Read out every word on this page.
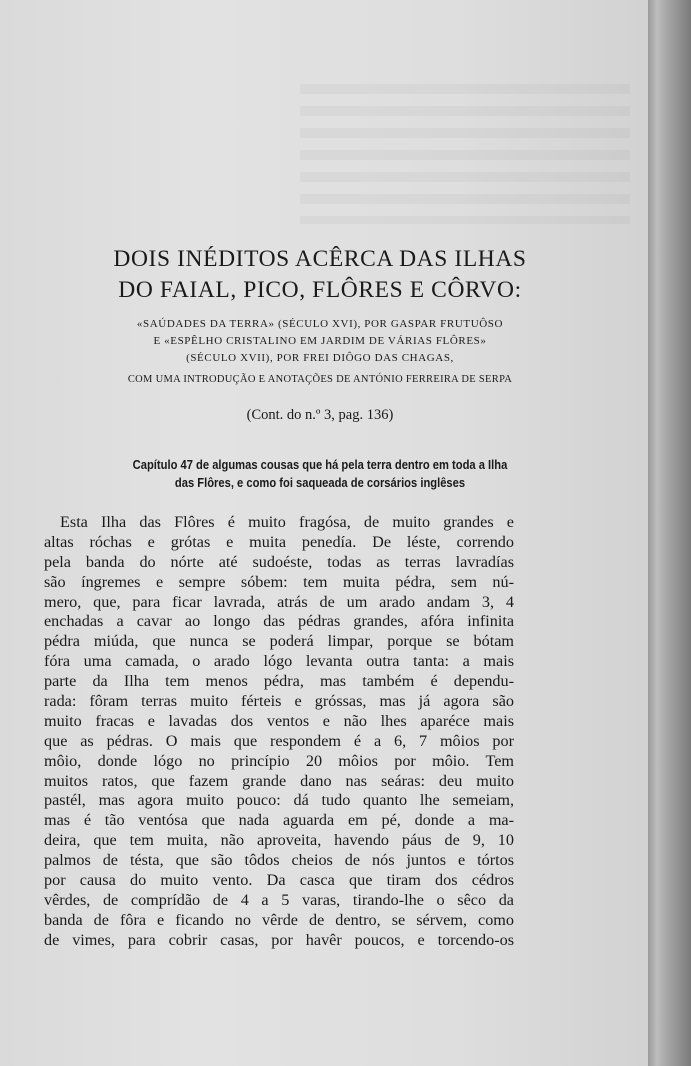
DOIS INÉDITOS ACÊRCA DAS ILHAS
DO FAIAL, PICO, FLÔRES E CÔRVO:
«SAÚDADES DA TERRA» (SÉCULO XVI), POR GASPAR FRUTUÔSO
E «ESPÊLHO CRISTALINO EM JARDIM DE VÁRIAS FLÔRES»
(SÉCULO XVII), POR FREI DIÔGO DAS CHAGAS,
COM UMA INTRODUÇÃO E ANOTAÇÕES DE ANTÓNIO FERREIRA DE SERPA
(Cont. do n.º 3, pag. 136)
Capítulo 47 de algumas cousas que há pela terra dentro em toda a Ilha
das Flôres, e como foi saqueada de corsários inglêses
Esta Ilha das Flôres é muito fragósa, de muito grandes e
altas róchas e grótas e muita penedía. De léste, correndo
pela banda do nórte até sudoéste, todas as terras lavradías
são íngremes e sempre sóbem: tem muita pédra, sem nú-
mero, que, para ficar lavrada, atrás de um arado andam 3, 4
enchadas a cavar ao longo das pédras grandes, afóra infinita
pédra miúda, que nunca se poderá limpar, porque se bótam
fóra uma camada, o arado lógo levanta outra tanta: a mais
parte da Ilha tem menos pédra, mas também é dependu-
rada: fôram terras muito férteis e gróssas, mas já agora são
muito fracas e lavadas dos ventos e não lhes aparéce mais
que as pédras. O mais que respondem é a 6, 7 môios por
môio, donde lógo no princípio 20 môios por môio. Tem
muitos ratos, que fazem grande dano nas seáras: deu muito
pastél, mas agora muito pouco: dá tudo quanto lhe semeiam,
mas é tão ventósa que nada aguarda em pé, donde a ma-
deira, que tem muita, não aproveita, havendo páus de 9, 10
palmos de tésta, que são tôdos cheios de nós juntos e tórtos
por causa do muito vento. Da casca que tiram dos cédros
vêrdes, de comprídão de 4 a 5 varas, tirando-lhe o sêco da
banda de fôra e ficando no vêrde de dentro, se sérvem, como
de vimes, para cobrir casas, por havêr poucos, e torcendo-os
